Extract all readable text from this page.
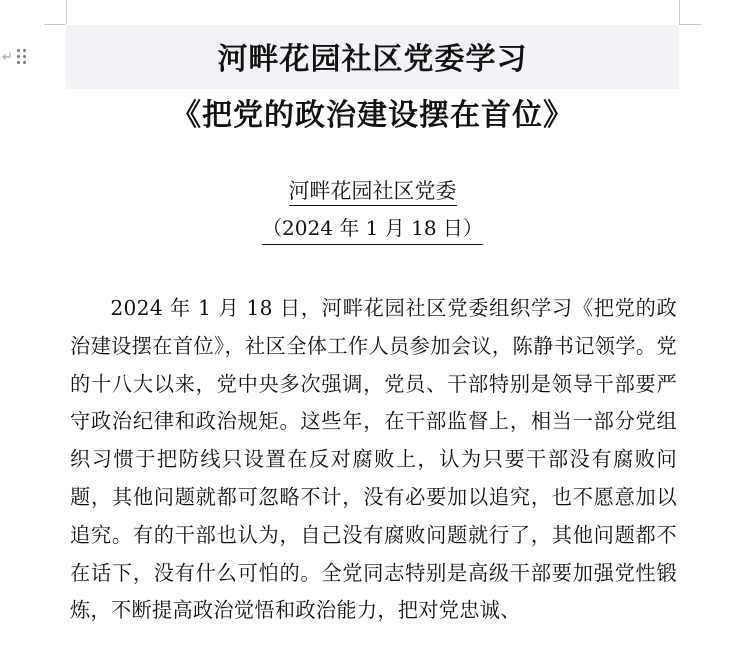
↵	河畔花园社区党委学习
《把党的政治建设摆在首位》
河畔花园社区党委
（2024 年 1 月 18 日）

2024 年 1 月 18 日，河畔花园社区党委组织学习《把党的政治建设摆在首位》，社区全体工作人员参加会议，陈静书记领学。党的十八大以来，党中央多次强调，党员、干部特别是领导干部要严守政治纪律和政治规矩。这些年，在干部监督上，相当一部分党组织习惯于把防线只设置在反对腐败上，认为只要干部没有腐败问题，其他问题就都可忽略不计，没有必要加以追究，也不愿意加以追究。有的干部也认为，自己没有腐败问题就行了，其他问题都不在话下，没有什么可怕的。全党同志特别是高级干部要加强党性锻炼，不断提高政治觉悟和政治能力，把对党忠诚、
